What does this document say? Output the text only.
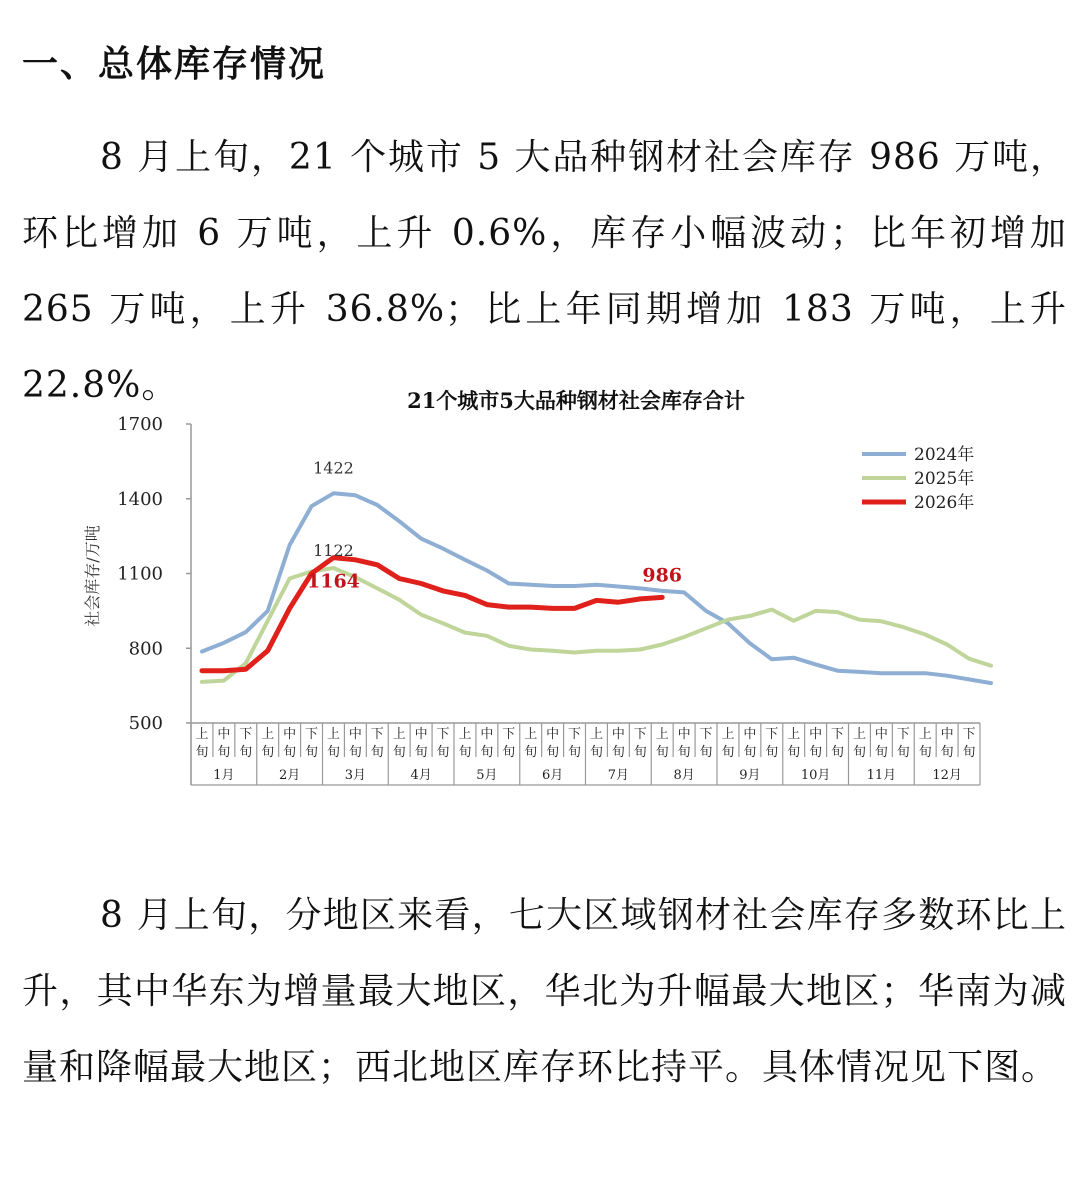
一、总体库存情况
8 月上旬，21 个城市 5 大品种钢材社会库存 986 万吨，环比增加 6 万吨，上升 0.6%，库存小幅波动；比年初增加 265 万吨，上升 36.8%；比上年同期增加 183 万吨，上升 22.8%。	21个城市5大品种钢材社会库存合计
社会库存/万吨
500
800
1100
1400
1700
上
旬
中
旬
下
旬
1月
上
旬
中
旬
下
旬
2月
上
旬
中
旬
下
旬
3月
上
旬
中
旬
下
旬
4月
上
旬
中
旬
下
旬
5月
上
旬
中
旬
下
旬
6月
上
旬
中
旬
下
旬
7月
上
旬
中
旬
下
旬
8月
上
旬
中
旬
下
旬
9月
上
旬
中
旬
下
旬
10月
上
旬
中
旬
下
旬
11月
上
旬
中
旬
下
旬
12月
1422
1122
1164	986
2024年
2025年
2026年
8 月上旬，分地区来看，七大区域钢材社会库存多数环比上升，其中华东为增量最大地区，华北为升幅最大地区；华南为减量和降幅最大地区；西北地区库存环比持平。具体情况见下图。
